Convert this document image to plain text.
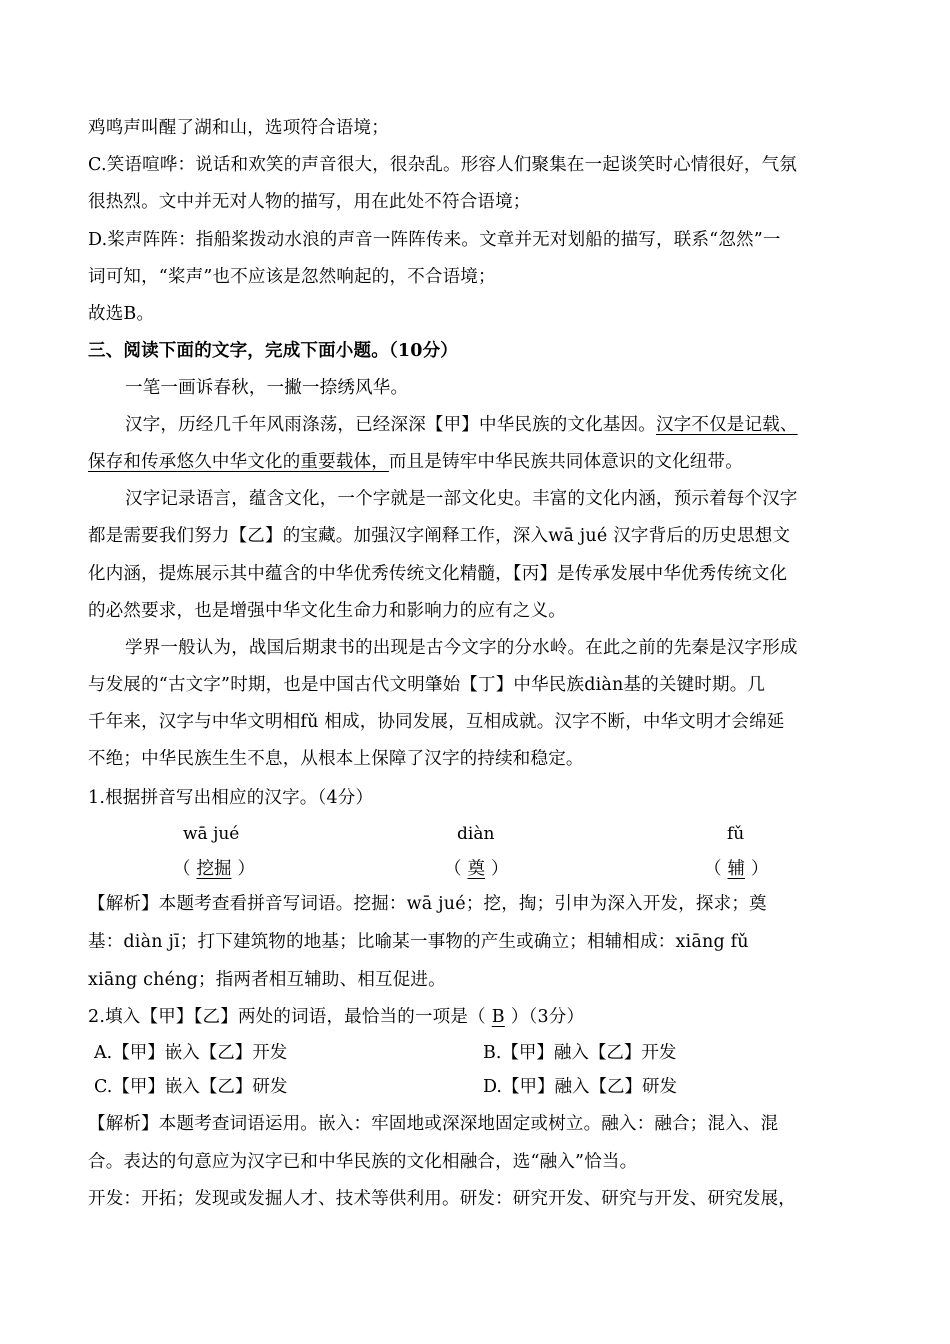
鸡鸣声叫醒了湖和山，选项符合语境；
C.笑语喧哗：说话和欢笑的声音很大，很杂乱。形容人们聚集在一起谈笑时心情很好，气氛
很热烈。文中并无对人物的描写，用在此处不符合语境；
D.桨声阵阵：指船桨拨动水浪的声音一阵阵传来。文章并无对划船的描写，联系“忽然”一
词可知，“桨声”也不应该是忽然响起的，不合语境；
故选B。
三、阅读下面的文字，完成下面小题。（10分）
一笔一画诉春秋，一撇一捺绣风华。
汉字，历经几千年风雨涤荡，已经深深【甲】中华民族的文化基因。汉字不仅是记载、
保存和传承悠久中华文化的重要载体，而且是铸牢中华民族共同体意识的文化纽带。
汉字记录语言，蕴含文化，一个字就是一部文化史。丰富的文化内涵，预示着每个汉字
都是需要我们努力【乙】的宝藏。加强汉字阐释工作，深入wā jué 汉字背后的历史思想文
化内涵，提炼展示其中蕴含的中华优秀传统文化精髓，【丙】是传承发展中华优秀传统文化
的必然要求，也是增强中华文化生命力和影响力的应有之义。
学界一般认为，战国后期隶书的出现是古今文字的分水岭。在此之前的先秦是汉字形成
与发展的“古文字”时期，也是中国古代文明肇始【丁】中华民族diàn基的关键时期。几
千年来，汉字与中华文明相fǔ 相成，协同发展，互相成就。汉字不断，中华文明才会绵延
不绝；中华民族生生不息，从根本上保障了汉字的持续和稳定。
1.根据拼音写出相应的汉字。（4分）
wā jué	diàn	fǔ
（ 挖掘 ）	（ 奠 ）	（ 辅 ）
【解析】本题考查看拼音写词语。挖掘：wā jué；挖，掏；引申为深入开发，探求；奠
基：diàn jī；打下建筑物的地基；比喻某一事物的产生或确立；相辅相成：xiāng fǔ
xiāng chéng；指两者相互辅助、相互促进。
2.填入【甲】【乙】两处的词语，最恰当的一项是（ B ）（3分）
A.【甲】嵌入【乙】开发	B.【甲】融入【乙】开发
C.【甲】嵌入【乙】研发	D.【甲】融入【乙】研发
【解析】本题考查词语运用。嵌入：牢固地或深深地固定或树立。融入：融合；混入、混
合。表达的句意应为汉字已和中华民族的文化相融合，选“融入”恰当。
开发：开拓；发现或发掘人才、技术等供利用。研发：研究开发、研究与开发、研究发展，
